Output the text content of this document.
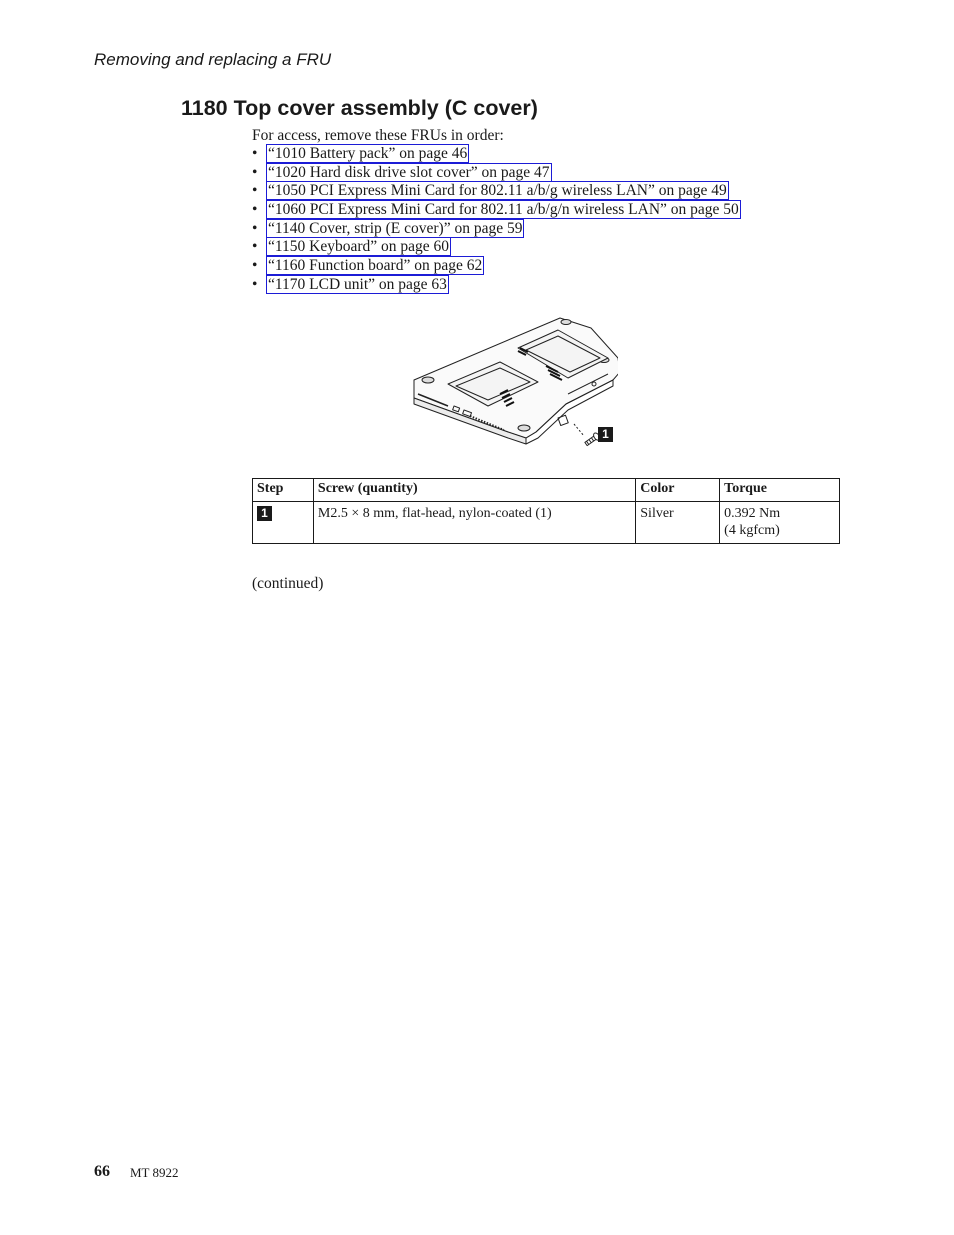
Removing and replacing a FRU
1180 Top cover assembly (C cover)
For access, remove these FRUs in order:
• “1010 Battery pack” on page 46
• “1020 Hard disk drive slot cover” on page 47
• “1050 PCI Express Mini Card for 802.11 a/b/g wireless LAN” on page 49
• “1060 PCI Express Mini Card for 802.11 a/b/g/n wireless LAN” on page 50
• “1140 Cover, strip (E cover)” on page 59
• “1150 Keyboard” on page 60
• “1160 Function board” on page 62
• “1170 LCD unit” on page 63
1
Step	Screw (quantity)	Color	Torque
1	M2.5 × 8 mm, flat-head, nylon-coated (1)	Silver	0.392 Nm
(4 kgfcm)
(continued)
66 MT 8922
